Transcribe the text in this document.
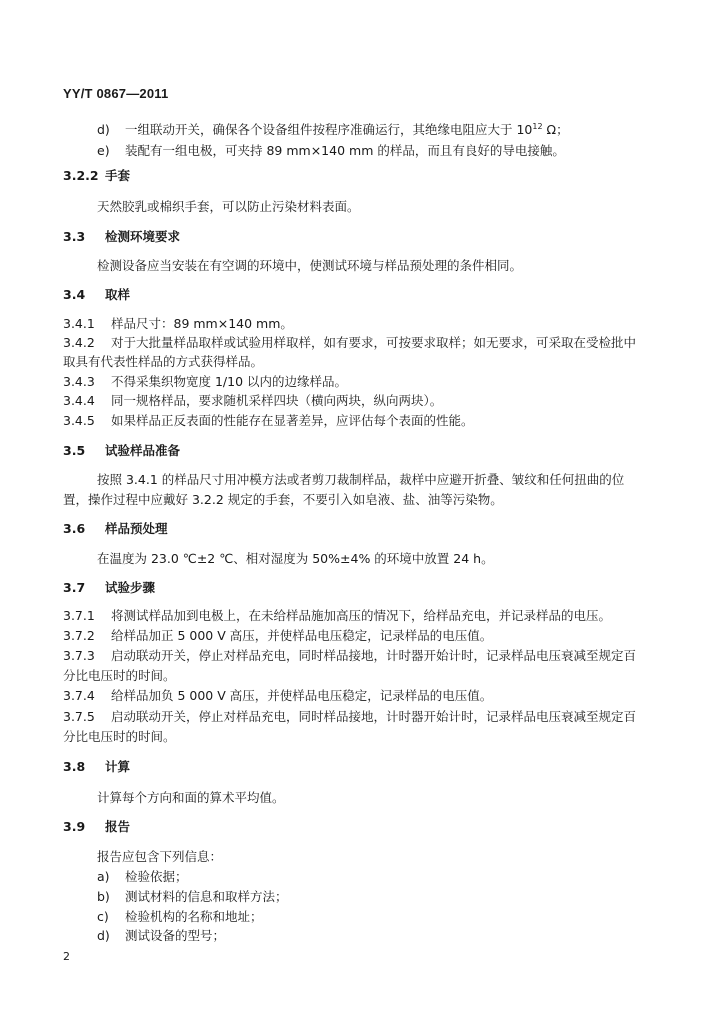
YY/T 0867—2011
d) 一组联动开关，确保各个设备组件按程序准确运行，其绝缘电阻应大于 $10^{12}$ Ω；
e) 装配有一组电极，可夹持 89 mm×140 mm 的样品，而且有良好的导电接触。
3.2.2 手套
天然胶乳或棉织手套，可以防止污染材料表面。
3.3 检测环境要求
检测设备应当安装在有空调的环境中，使测试环境与样品预处理的条件相同。
3.4 取样
3.4.1 样品尺寸：89 mm×140 mm。
3.4.2 对于大批量样品取样或试验用样取样，如有要求，可按要求取样；如无要求，可采取在受检批中
取具有代表性样品的方式获得样品。
3.4.3 不得采集织物宽度 1/10 以内的边缘样品。
3.4.4 同一规格样品，要求随机采样四块（横向两块，纵向两块）。
3.4.5 如果样品正反表面的性能存在显著差异，应评估每个表面的性能。
3.5 试验样品准备
按照 3.4.1 的样品尺寸用冲模方法或者剪刀裁制样品，裁样中应避开折叠、皱纹和任何扭曲的位
置，操作过程中应戴好 3.2.2 规定的手套，不要引入如皂液、盐、油等污染物。
3.6 样品预处理
在温度为 23.0 ℃±2 ℃、相对湿度为 50%±4% 的环境中放置 24 h。
3.7 试验步骤
3.7.1 将测试样品加到电极上，在未给样品施加高压的情况下，给样品充电，并记录样品的电压。
3.7.2 给样品加正 5 000 V 高压，并使样品电压稳定，记录样品的电压值。
3.7.3 启动联动开关，停止对样品充电，同时样品接地，计时器开始计时，记录样品电压衰减至规定百
分比电压时的时间。
3.7.4 给样品加负 5 000 V 高压，并使样品电压稳定，记录样品的电压值。
3.7.5 启动联动开关，停止对样品充电，同时样品接地，计时器开始计时，记录样品电压衰减至规定百
分比电压时的时间。
3.8 计算
计算每个方向和面的算术平均值。
3.9 报告
报告应包含下列信息：
a) 检验依据；
b) 测试材料的信息和取样方法；
c) 检验机构的名称和地址；
d) 测试设备的型号；
2
